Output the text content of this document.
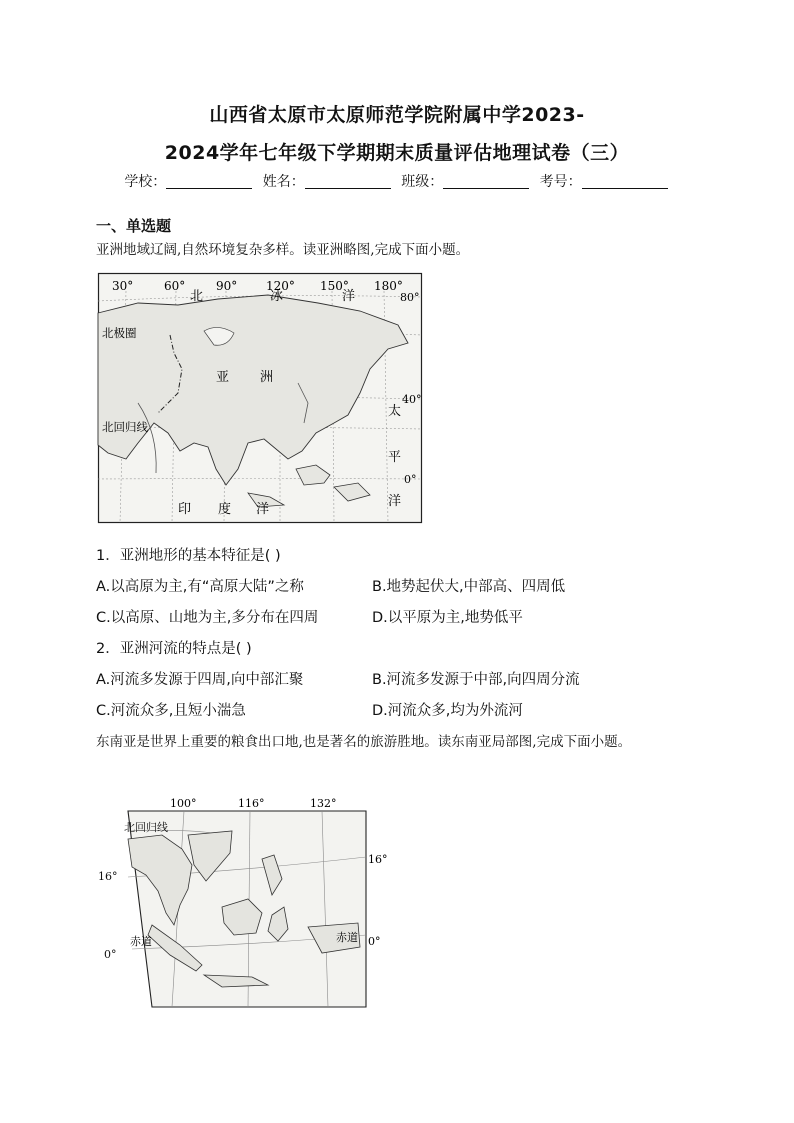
山西省太原市太原师范学院附属中学2023-
2024学年七年级下学期期末质量评估地理试卷（三）
学校：	姓名：	班级：	考号：
一、单选题
亚洲地域辽阔,自然环境复杂多样。读亚洲略图,完成下面小题。
30°	60°	90° 120° 150° 180°
北	冰	洋	80°
北极圈
亚 洲
40°
太
北回归线
平
0°
洋
印 度 洋
1．亚洲地形的基本特征是( )
A.以高原为主,有“高原大陆”之称	B.地势起伏大,中部高、四周低
C.以高原、山地为主,多分布在四周	D.以平原为主,地势低平
2．亚洲河流的特点是( )
A.河流多发源于四周,向中部汇聚	B.河流多发源于中部,向四周分流
C.河流众多,且短小湍急	D.河流众多,均为外流河
东南亚是世界上重要的粮食出口地,也是著名的旅游胜地。读东南亚局部图,完成下面小题。
100°	116°	132°
北回归线
16°
赤道	赤道 0°
16°
0°
